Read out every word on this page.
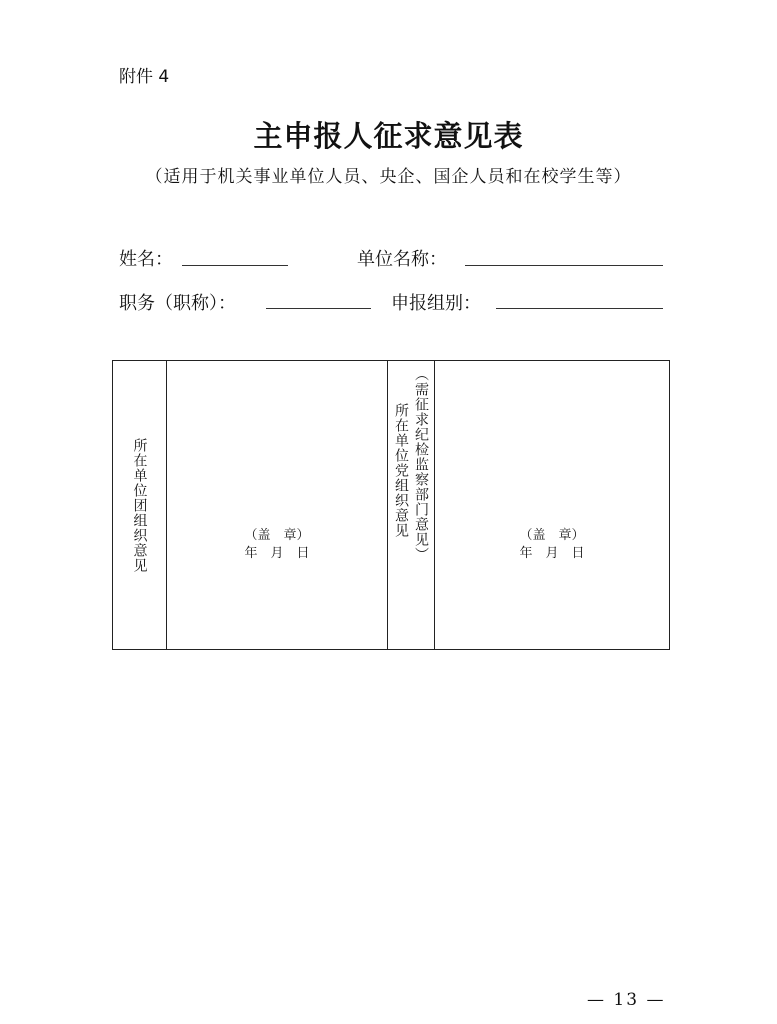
附件 4
主申报人征求意见表
（适用于机关事业单位人员、央企、国企人员和在校学生等）
姓名：	单位名称：
职务（职称）：	申报组别：
所在单位团组织意见	（盖　章）
年　月　日

所在单位党组织意见 （需征求纪检监察部门意见）	（盖　章）
年　月　日
— 13 —
